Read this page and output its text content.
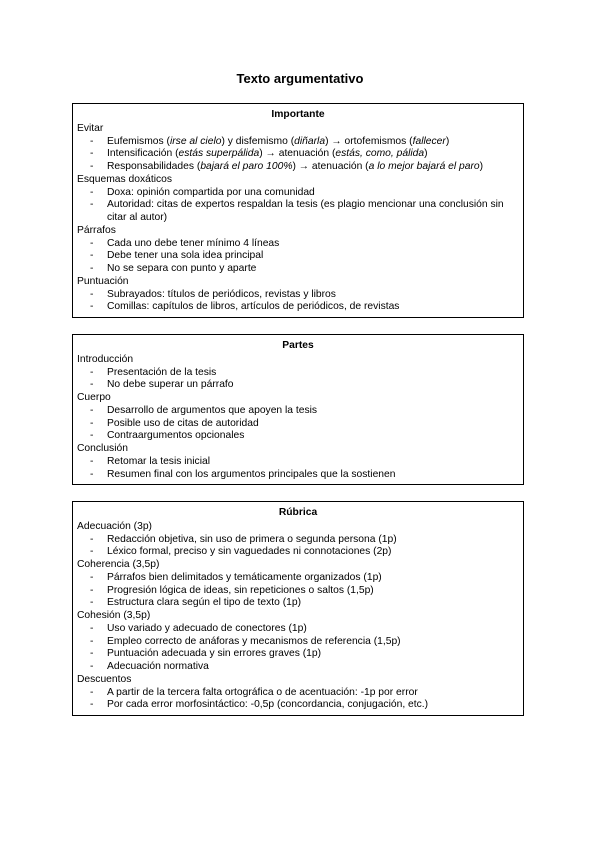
Texto argumentativo
Importante
Evitar
- Eufemismos (irse al cielo) y disfemismo (diñarla) → ortofemismos (fallecer)
- Intensificación (estás superpálida) → atenuación (estás, como, pálida)
- Responsabilidades (bajará el paro 100%) → atenuación (a lo mejor bajará el paro)
Esquemas doxáticos
- Doxa: opinión compartida por una comunidad
- Autoridad: citas de expertos respaldan la tesis (es plagio mencionar una conclusión sin citar al autor)
Párrafos
- Cada uno debe tener mínimo 4 líneas
- Debe tener una sola idea principal
- No se separa con punto y aparte
Puntuación
- Subrayados: títulos de periódicos, revistas y libros
- Comillas: capítulos de libros, artículos de periódicos, de revistas
Partes
Introducción
- Presentación de la tesis
- No debe superar un párrafo
Cuerpo
- Desarrollo de argumentos que apoyen la tesis
- Posible uso de citas de autoridad
- Contraargumentos opcionales
Conclusión
- Retomar la tesis inicial
- Resumen final con los argumentos principales que la sostienen
Rúbrica
Adecuación (3p)
- Redacción objetiva, sin uso de primera o segunda persona (1p)
- Léxico formal, preciso y sin vaguedades ni connotaciones (2p)
Coherencia (3,5p)
- Párrafos bien delimitados y temáticamente organizados (1p)
- Progresión lógica de ideas, sin repeticiones o saltos (1,5p)
- Estructura clara según el tipo de texto (1p)
Cohesión (3,5p)
- Uso variado y adecuado de conectores (1p)
- Empleo correcto de anáforas y mecanismos de referencia (1,5p)
- Puntuación adecuada y sin errores graves (1p)
- Adecuación normativa
Descuentos
- A partir de la tercera falta ortográfica o de acentuación: -1p por error
- Por cada error morfosintáctico: -0,5p (concordancia, conjugación, etc.)
